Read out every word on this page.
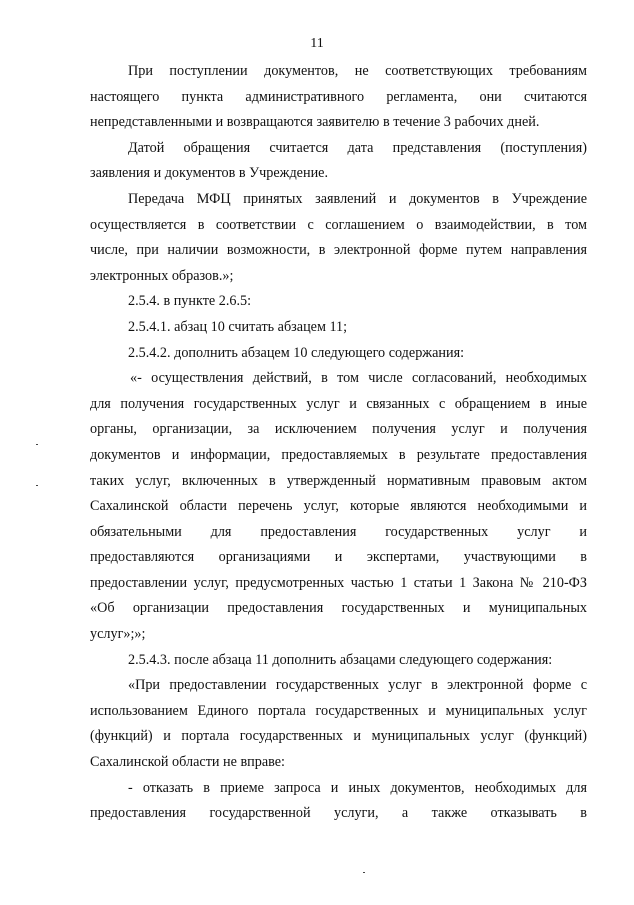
11
При поступлении документов, не соответствующих требованиям
настоящего пункта административного регламента, они считаются
непредставленными и возвращаются заявителю в течение 3 рабочих дней.
Датой обращения считается дата представления (поступления)
заявления и документов в Учреждение.
Передача МФЦ принятых заявлений и документов в Учреждение
осуществляется в соответствии с соглашением о взаимодействии, в том
числе, при наличии возможности, в электронной форме путем направления
электронных образов.»;
2.5.4. в пункте 2.6.5:
2.5.4.1. абзац 10 считать абзацем 11;
2.5.4.2. дополнить абзацем 10 следующего содержания:
«- осуществления действий, в том числе согласований, необходимых
для получения государственных услуг и связанных с обращением в иные
органы, организации, за исключением получения услуг и получения
документов и информации, предоставляемых в результате предоставления
таких услуг, включенных в утвержденный нормативным правовым актом
Сахалинской области перечень услуг, которые являются необходимыми и
обязательными для предоставления государственных услуг и
предоставляются организациями и экспертами, участвующими в
предоставлении услуг, предусмотренных частью 1 статьи 1 Закона № 210-ФЗ
«Об организации предоставления государственных и муниципальных
услуг»;»;
2.5.4.3. после абзаца 11 дополнить абзацами следующего содержания:
«При предоставлении государственных услуг в электронной форме с
использованием Единого портала государственных и муниципальных услуг
(функций) и портала государственных и муниципальных услуг (функций)
Сахалинской области не вправе:
- отказать в приеме запроса и иных документов, необходимых для
предоставления государственной услуги, а также отказывать в
